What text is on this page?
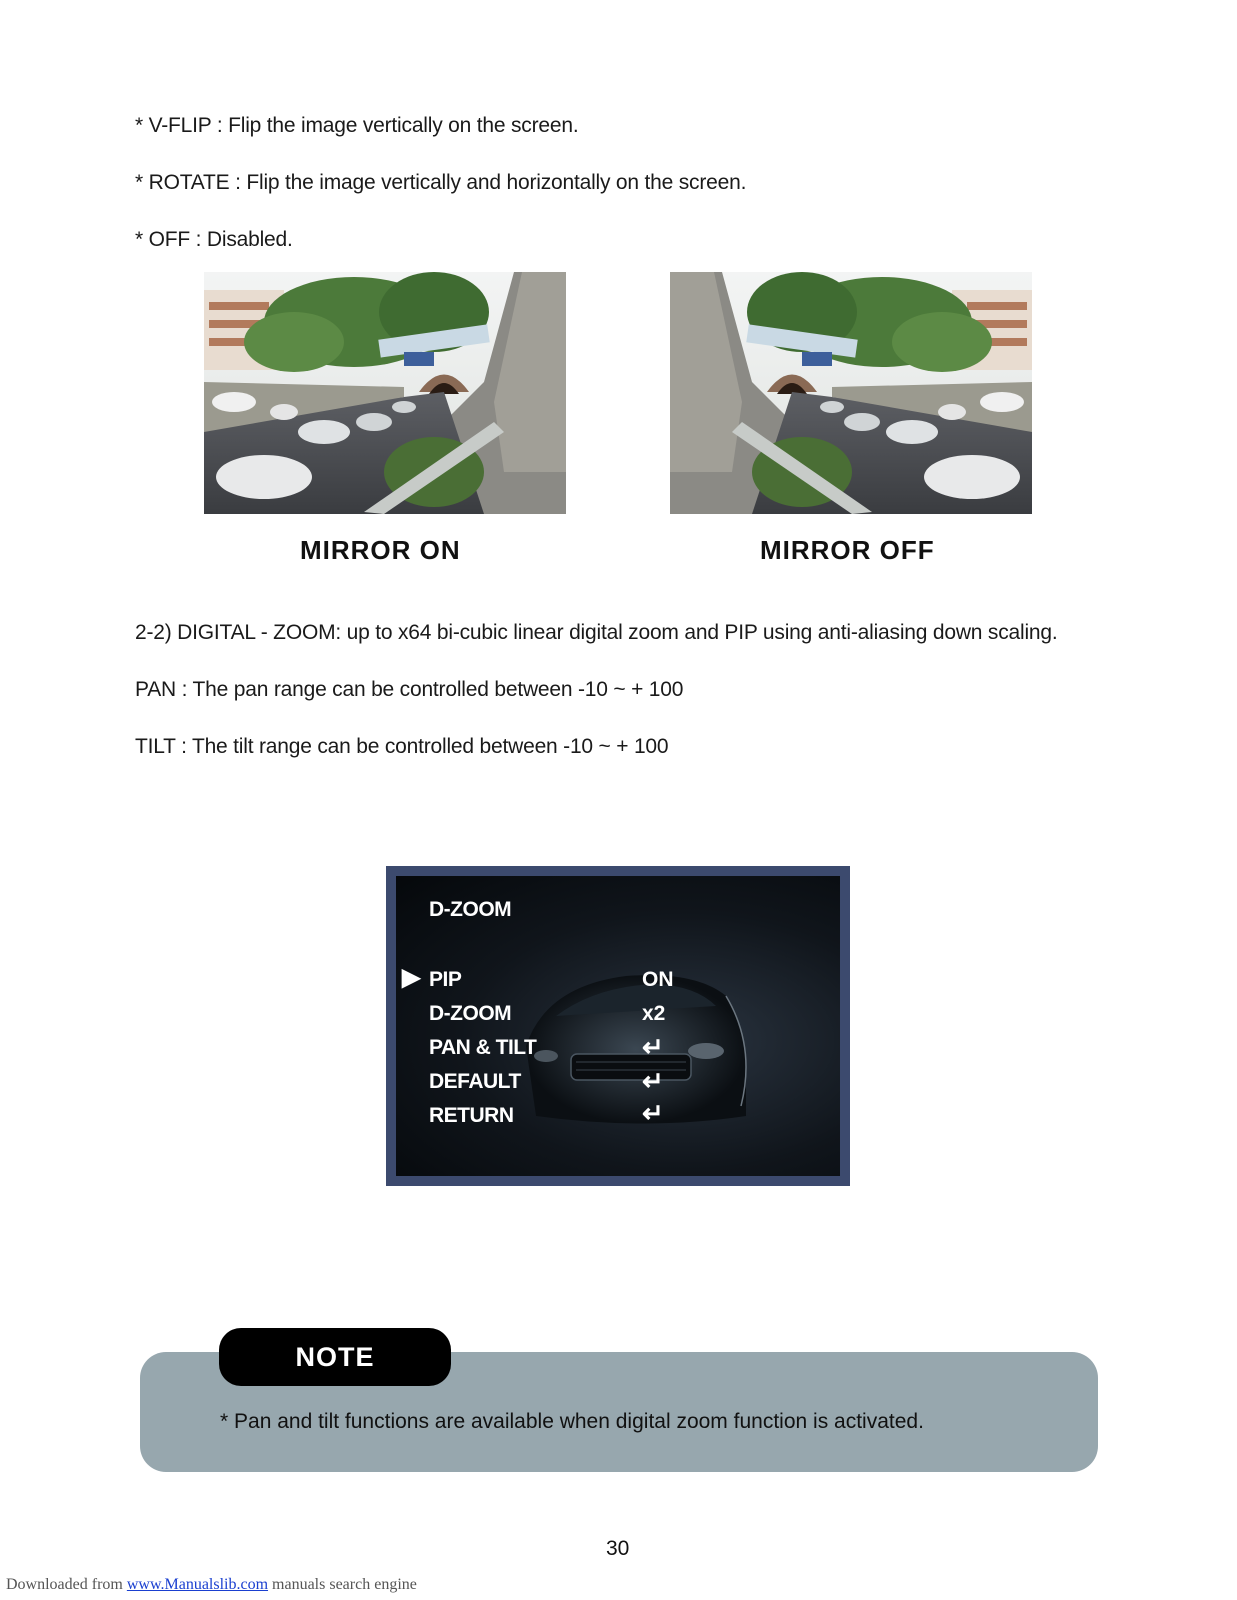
* V-FLIP : Flip the image vertically on the screen.
* ROTATE : Flip the image vertically and horizontally on the screen.
* OFF : Disabled.
MIRROR ON	MIRROR OFF
2-2) DIGITAL - ZOOM: up to x64 bi-cubic linear digital zoom and PIP using anti-aliasing down scaling.
PAN : The pan range can be controlled between -10 ~ + 100
TILT : The tilt range can be controlled between -10 ~ + 100
D-ZOOM
▶ PIP	ON
D-ZOOM	x2
PAN & TILT	↵
DEFAULT	↵
RETURN	↵
NOTE
* Pan and tilt functions are available when digital zoom function is activated.
30
Downloaded from www.Manualslib.com manuals search engine
